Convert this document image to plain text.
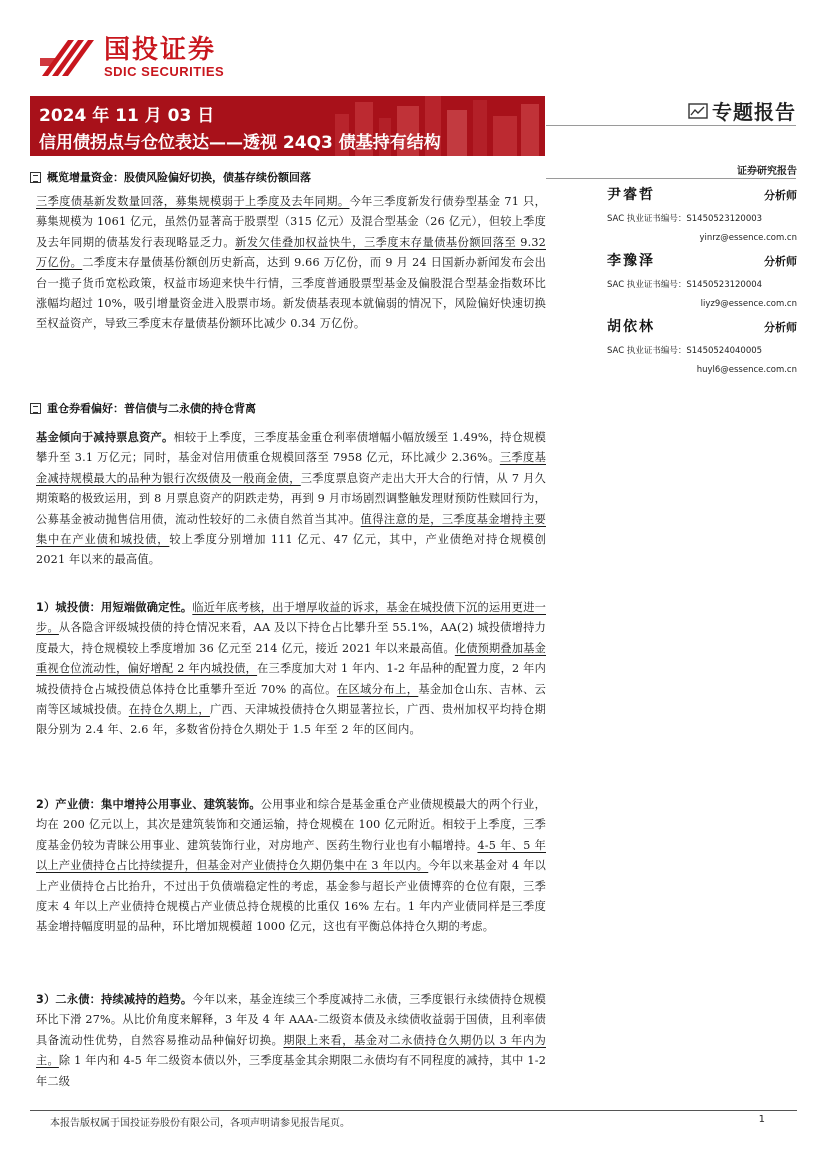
国投证券
SDIC SECURITIES
2024 年 11 月 03 日
信用债拐点与仓位表达——透视 24Q3 债基持有结构
专题报告
证券研究报告
尹睿哲	分析师
SAC 执业证书编号：S1450523120003
yinrz@essence.com.cn
李豫泽	分析师
SAC 执业证书编号：S1450523120004
liyz9@essence.com.cn
胡依林	分析师
SAC 执业证书编号：S1450524040005
huyl6@essence.com.cn
概览增量资金：股债风险偏好切换，债基存续份额回落
三季度债基新发数量回落，募集规模弱于上季度及去年同期。今年三季度新发行债券型基金 71 只，募集规模为 1061 亿元，虽然仍显著高于股票型（315 亿元）及混合型基金（26 亿元），但较上季度及去年同期的债基发行表现略显乏力。新发欠佳叠加权益快牛，三季度末存量债基份额回落至 9.32 万亿份。二季度末存量债基份额创历史新高，达到 9.66 万亿份，而 9 月 24 日国新办新闻发布会出台一揽子货币宽松政策，权益市场迎来快牛行情，三季度普通股票型基金及偏股混合型基金指数环比涨幅均超过 10%，吸引增量资金进入股票市场。新发债基表现本就偏弱的情况下，风险偏好快速切换至权益资产，导致三季度末存量债基份额环比减少 0.34 万亿份。
重仓券看偏好：普信债与二永债的持仓背离
基金倾向于减持票息资产。相较于上季度，三季度基金重仓利率债增幅小幅放缓至 1.49%，持仓规模攀升至 3.1 万亿元；同时，基金对信用债重仓规模回落至 7958 亿元，环比减少 2.36%。三季度基金减持规模最大的品种为银行次级债及一般商金债，三季度票息资产走出大开大合的行情，从 7 月久期策略的极致运用，到 8 月票息资产的阴跌走势，再到 9 月市场剧烈调整触发理财预防性赎回行为，公募基金被动抛售信用债，流动性较好的二永债自然首当其冲。值得注意的是，三季度基金增持主要集中在产业债和城投债，较上季度分别增加 111 亿元、47 亿元，其中，产业债绝对持仓规模创 2021 年以来的最高值。
1）城投债：用短端做确定性。临近年底考核，出于增厚收益的诉求，基金在城投债下沉的运用更进一步。从各隐含评级城投债的持仓情况来看，AA 及以下持仓占比攀升至 55.1%，AA(2) 城投债增持力度最大，持仓规模较上季度增加 36 亿元至 214 亿元，接近 2021 年以来最高值。化债预期叠加基金重视仓位流动性，偏好增配 2 年内城投债，在三季度加大对 1 年内、1-2 年品种的配置力度，2 年内城投债持仓占城投债总体持仓比重攀升至近 70% 的高位。在区域分布上，基金加仓山东、吉林、云南等区域城投债。在持仓久期上，广西、天津城投债持仓久期显著拉长，广西、贵州加权平均持仓期限分别为 2.4 年、2.6 年，多数省份持仓久期处于 1.5 年至 2 年的区间内。
2）产业债：集中增持公用事业、建筑装饰。公用事业和综合是基金重仓产业债规模最大的两个行业，均在 200 亿元以上，其次是建筑装饰和交通运输，持仓规模在 100 亿元附近。相较于上季度，三季度基金仍较为青睐公用事业、建筑装饰行业，对房地产、医药生物行业也有小幅增持。4-5 年、5 年以上产业债持仓占比持续提升，但基金对产业债持仓久期仍集中在 3 年以内。今年以来基金对 4 年以上产业债持仓占比抬升，不过出于负债端稳定性的考虑，基金参与超长产业债博弈的仓位有限，三季度末 4 年以上产业债持仓规模占产业债总持仓规模的比重仅 16% 左右。1 年内产业债同样是三季度基金增持幅度明显的品种，环比增加规模超 1000 亿元，这也有平衡总体持仓久期的考虑。
3）二永债：持续减持的趋势。今年以来，基金连续三个季度减持二永债，三季度银行永续债持仓规模环比下滑 27%。从比价角度来解释，3 年及 4 年 AAA-二级资本债及永续债收益弱于国债，且利率债具备流动性优势，自然容易推动品种偏好切换。期限上来看，基金对二永债持仓久期仍以 3 年内为主。除 1 年内和 4-5 年二级资本债以外，三季度基金其余期限二永债均有不同程度的减持，其中 1-2 年二级
本报告版权属于国投证券股份有限公司，各项声明请参见报告尾页。	1
